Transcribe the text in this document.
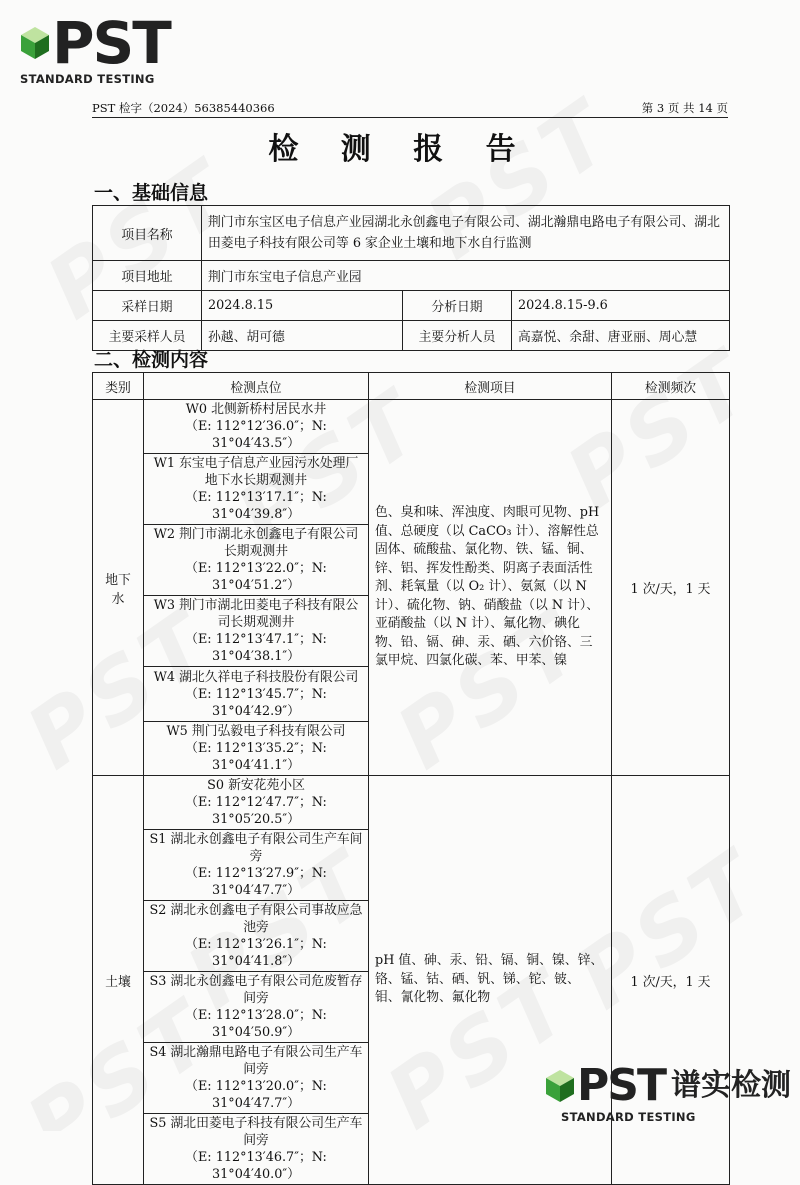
PST
STANDARD TESTING
PST 检字（2024）56385440366	第 3 页 共 14 页
检 测 报 告
一、基础信息
项目名称	荆门市东宝区电子信息产业园湖北永创鑫电子有限公司、湖北瀚鼎电路电子有限公司、湖北田菱电子科技有限公司等 6 家企业土壤和地下水自行监测		
项目地址	荆门市东宝电子信息产业园		
采样日期	2024.8.15	分析日期	2024.8.15-9.6
主要采样人员	孙越、胡可德	主要分析人员	高嘉悦、余甜、唐亚丽、周心慧
二、检测内容
类别	检测点位	检测项目	检测频次
地下水	W0 北侧新桥村居民水井
（E: 112°12′36.0″；N: 31°04′43.5″）	色、臭和味、浑浊度、肉眼可见物、pH 值、总硬度（以 CaCO₃ 计）、溶解性总固体、硫酸盐、氯化物、铁、锰、铜、锌、铝、挥发性酚类、阴离子表面活性剂、耗氧量（以 O₂ 计）、氨氮（以 N 计）、硫化物、钠、硝酸盐（以 N 计）、亚硝酸盐（以 N 计）、氟化物、碘化物、铅、镉、砷、汞、硒、六价铬、三氯甲烷、四氯化碳、苯、甲苯、镍	1 次/天，1 天

	W1 东宝电子信息产业园污水处理厂地下水长期观测井
（E: 112°13′17.1″；N: 31°04′39.8″）		

	W2 荆门市湖北永创鑫电子有限公司长期观测井
（E: 112°13′22.0″；N: 31°04′51.2″）		

	W3 荆门市湖北田菱电子科技有限公司长期观测井
（E: 112°13′47.1″；N: 31°04′38.1″）		

	W4 湖北久祥电子科技股份有限公司
（E: 112°13′45.7″；N: 31°04′42.9″）		

	W5 荆门弘毅电子科技有限公司
（E: 112°13′35.2″；N: 31°04′41.1″）		

土壤	S0 新安花苑小区
（E: 112°12′47.7″；N: 31°05′20.5″）	pH 值、砷、汞、铅、镉、铜、镍、锌、铬、锰、钴、硒、钒、锑、铊、铍、钼、氰化物、氟化物	1 次/天，1 天

	S1 湖北永创鑫电子有限公司生产车间旁
（E: 112°13′27.9″；N: 31°04′47.7″）		

	S2 湖北永创鑫电子有限公司事故应急池旁
（E: 112°13′26.1″；N: 31°04′41.8″）		

	S3 湖北永创鑫电子有限公司危废暂存间旁
（E: 112°13′28.0″；N: 31°04′50.9″）		

	S4 湖北瀚鼎电路电子有限公司生产车间旁
（E: 112°13′20.0″；N: 31°04′47.7″）		

	S5 湖北田菱电子科技有限公司生产车间旁
（E: 112°13′46.7″；N: 31°04′40.0″）		
PST 谱实检测
STANDARD TESTING
